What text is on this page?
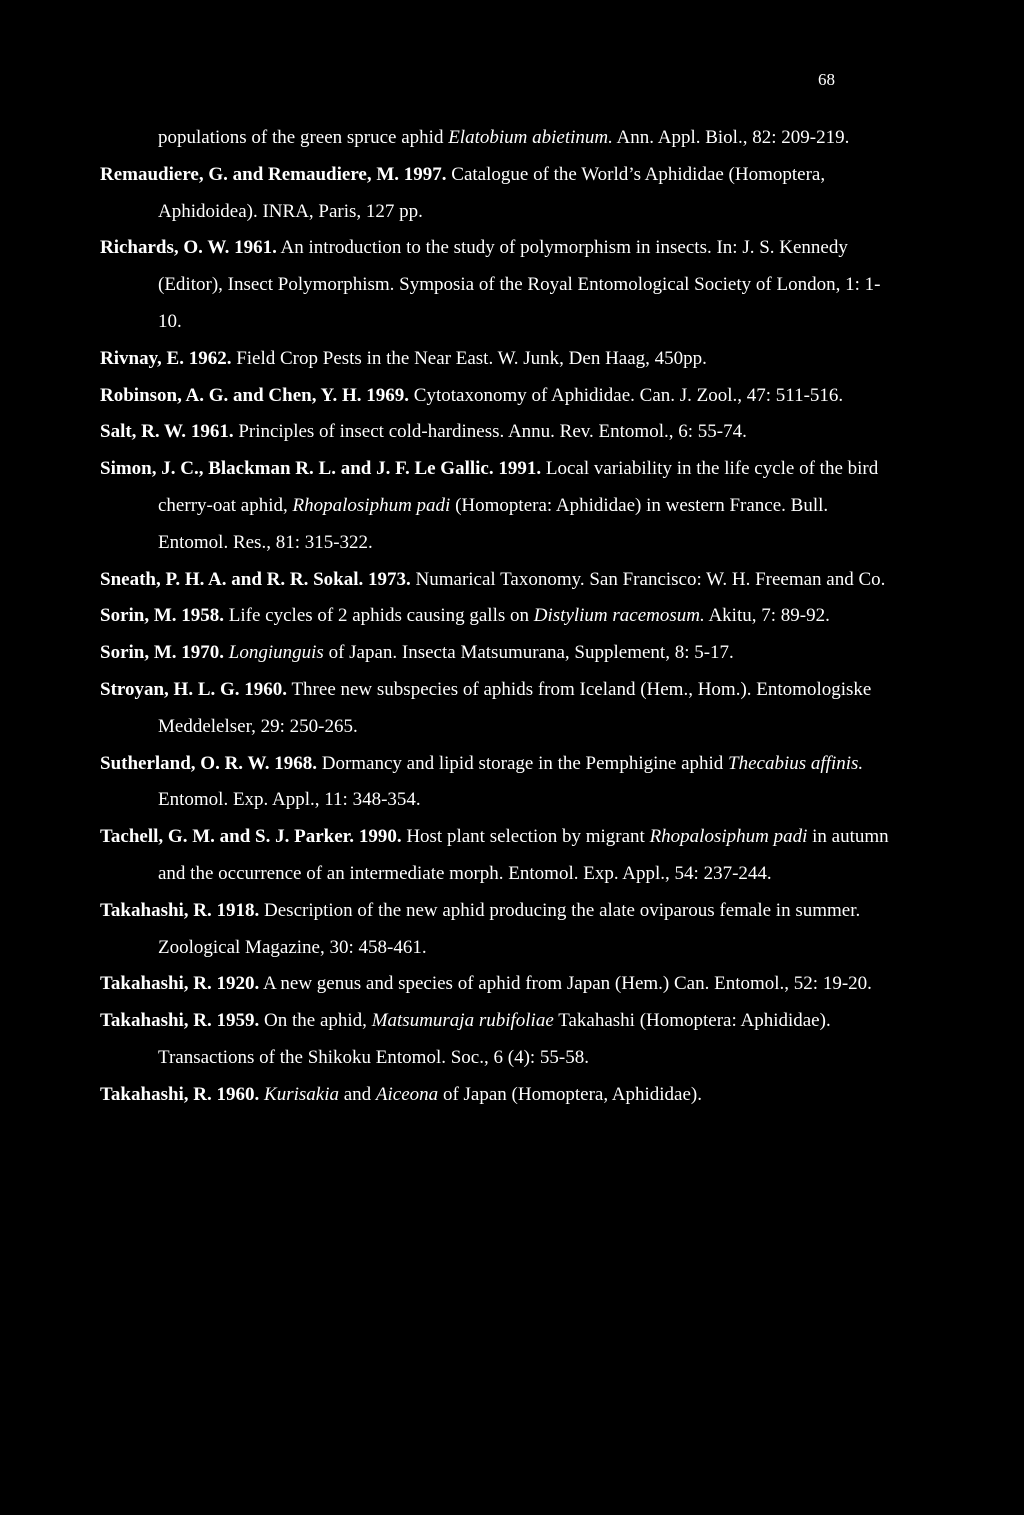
68
populations of the green spruce aphid Elatobium abietinum. Ann. Appl. Biol., 82: 209-219.
Remaudiere, G. and Remaudiere, M. 1997. Catalogue of the World’s Aphididae (Homoptera, Aphidoidea). INRA, Paris, 127 pp.
Richards, O. W. 1961. An introduction to the study of polymorphism in insects. In: J. S. Kennedy (Editor), Insect Polymorphism. Symposia of the Royal Entomological Society of London, 1: 1-10.
Rivnay, E. 1962. Field Crop Pests in the Near East. W. Junk, Den Haag, 450pp.
Robinson, A. G. and Chen, Y. H. 1969. Cytotaxonomy of Aphididae. Can. J. Zool., 47: 511-516.
Salt, R. W. 1961. Principles of insect cold-hardiness. Annu. Rev. Entomol., 6: 55-74.
Simon, J. C., Blackman R. L. and J. F. Le Gallic. 1991. Local variability in the life cycle of the bird cherry-oat aphid, Rhopalosiphum padi (Homoptera: Aphididae) in western France. Bull. Entomol. Res., 81: 315-322.
Sneath, P. H. A. and R. R. Sokal. 1973. Numarical Taxonomy. San Francisco: W. H. Freeman and Co.
Sorin, M. 1958. Life cycles of 2 aphids causing galls on Distylium racemosum. Akitu, 7: 89-92.
Sorin, M. 1970. Longiunguis of Japan. Insecta Matsumurana, Supplement, 8: 5-17.
Stroyan, H. L. G. 1960. Three new subspecies of aphids from Iceland (Hem., Hom.). Entomologiske Meddelelser, 29: 250-265.
Sutherland, O. R. W. 1968. Dormancy and lipid storage in the Pemphigine aphid Thecabius affinis. Entomol. Exp. Appl., 11: 348-354.
Tachell, G. M. and S. J. Parker. 1990. Host plant selection by migrant Rhopalosiphum padi in autumn and the occurrence of an intermediate morph. Entomol. Exp. Appl., 54: 237-244.
Takahashi, R. 1918. Description of the new aphid producing the alate oviparous female in summer. Zoological Magazine, 30: 458-461.
Takahashi, R. 1920. A new genus and species of aphid from Japan (Hem.) Can. Entomol., 52: 19-20.
Takahashi, R. 1959. On the aphid, Matsumuraja rubifoliae Takahashi (Homoptera: Aphididae). Transactions of the Shikoku Entomol. Soc., 6 (4): 55-58.
Takahashi, R. 1960. Kurisakia and Aiceona of Japan (Homoptera, Aphididae).
